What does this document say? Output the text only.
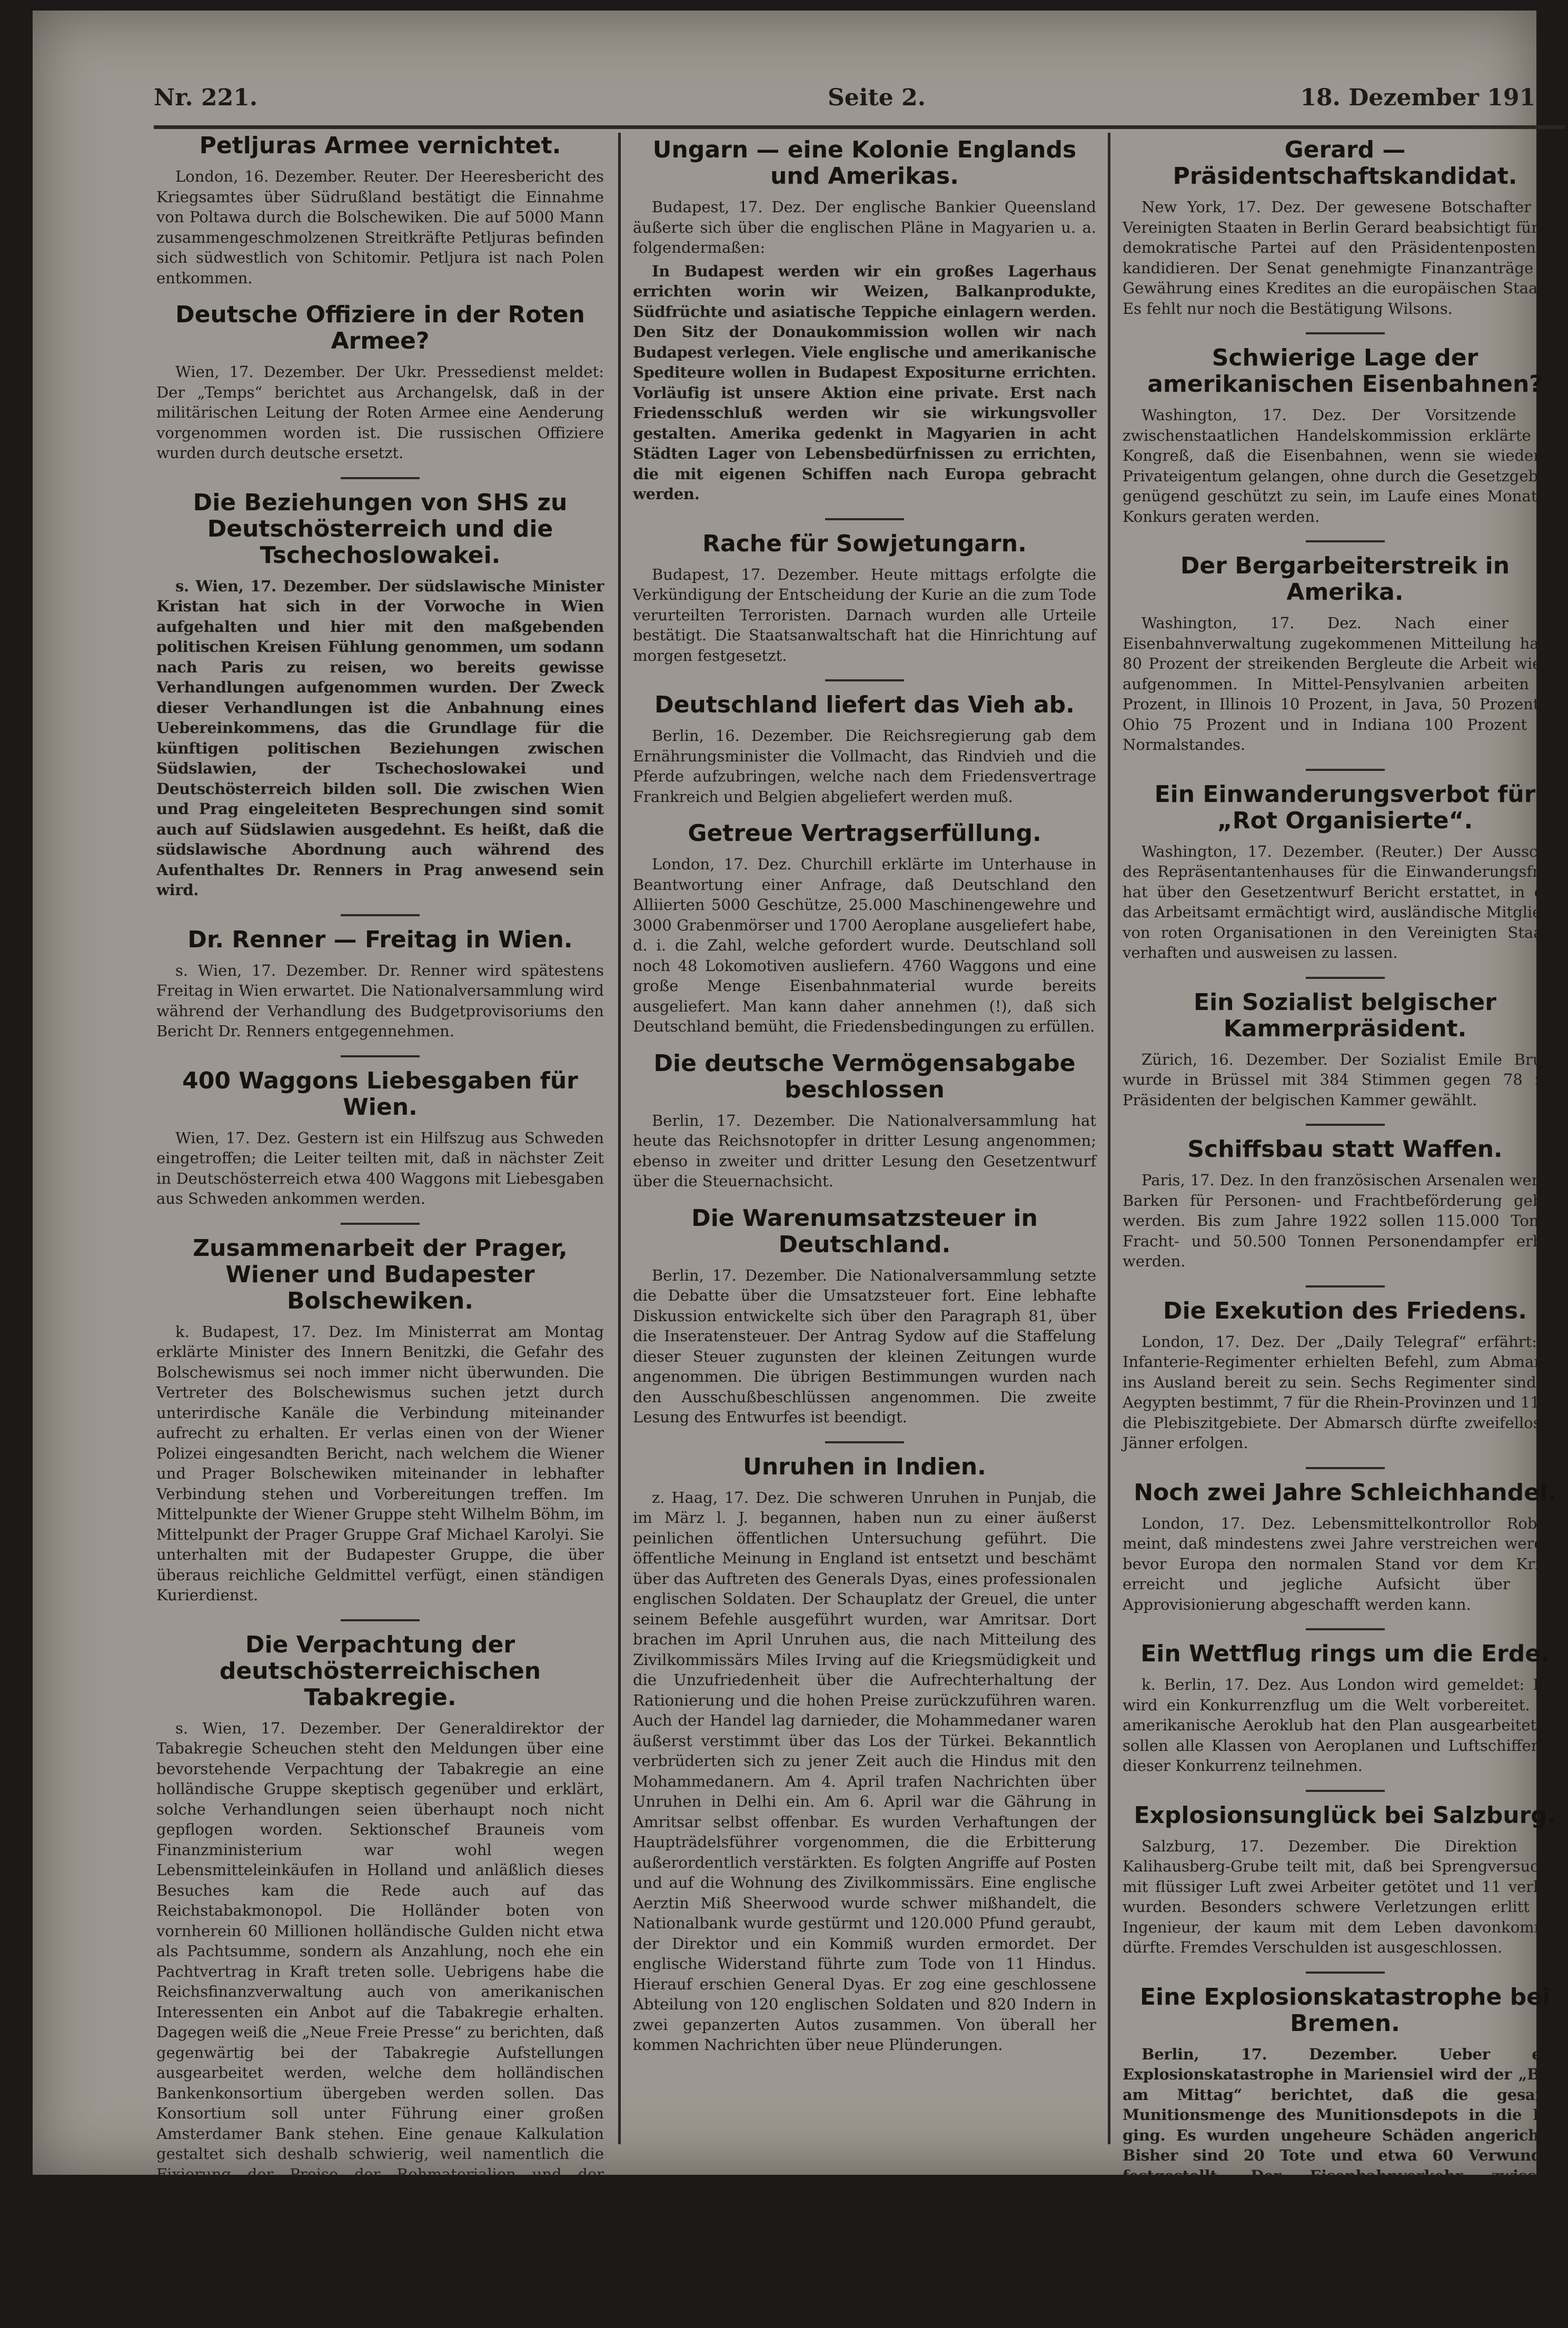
Nr. 221.	Seite 2.	18. Dezember 1919.
Petljuras Armee vernichtet.

London, 16. Dezember. Reuter. Der Heeresbericht des Kriegsamtes über Südrußland bestätigt die Einnahme von Poltawa durch die Bolschewiken. Die auf 5000 Mann zusammengeschmolzenen Streitkräfte Petljuras befinden sich südwestlich von Schitomir. Petljura ist nach Polen entkommen.

Deutsche Offiziere in der Roten Armee?

Wien, 17. Dezember. Der Ukr. Pressedienst meldet: Der „Temps“ berichtet aus Archangelsk, daß in der militärischen Leitung der Roten Armee eine Aenderung vorgenommen worden ist. Die russischen Offiziere wurden durch deutsche ersetzt.

Die Beziehungen von SHS zu Deutschösterreich und die Tschechoslowakei.

s. Wien, 17. Dezember. Der südslawische Minister Kristan hat sich in der Vorwoche in Wien aufgehalten und hier mit den maßgebenden politischen Kreisen Fühlung genommen, um sodann nach Paris zu reisen, wo bereits gewisse Verhandlungen aufgenommen wurden. Der Zweck dieser Verhandlungen ist die Anbahnung eines Uebereinkommens, das die Grundlage für die künftigen politischen Beziehungen zwischen Südslawien, der Tschechoslowakei und Deutschösterreich bilden soll. Die zwischen Wien und Prag eingeleiteten Besprechungen sind somit auch auf Südslawien ausgedehnt. Es heißt, daß die südslawische Abordnung auch während des Aufenthaltes Dr. Renners in Prag anwesend sein wird.

Dr. Renner — Freitag in Wien.

s. Wien, 17. Dezember. Dr. Renner wird spätestens Freitag in Wien erwartet. Die Nationalversammlung wird während der Verhandlung des Budgetprovisoriums den Bericht Dr. Renners entgegennehmen.

400 Waggons Liebesgaben für Wien.

Wien, 17. Dez. Gestern ist ein Hilfszug aus Schweden eingetroffen; die Leiter teilten mit, daß in nächster Zeit in Deutschösterreich etwa 400 Waggons mit Liebesgaben aus Schweden ankommen werden.

Zusammenarbeit der Prager, Wiener und Budapester Bolschewiken.

k. Budapest, 17. Dez. Im Ministerrat am Montag erklärte Minister des Innern Benitzki, die Gefahr des Bolschewismus sei noch immer nicht überwunden. Die Vertreter des Bolschewismus suchen jetzt durch unterirdische Kanäle die Verbindung miteinander aufrecht zu erhalten. Er verlas einen von der Wiener Polizei eingesandten Bericht, nach welchem die Wiener und Prager Bolschewiken miteinander in lebhafter Verbindung stehen und Vorbereitungen treffen. Im Mittelpunkte der Wiener Gruppe steht Wilhelm Böhm, im Mittelpunkt der Prager Gruppe Graf Michael Karolyi. Sie unterhalten mit der Budapester Gruppe, die über überaus reichliche Geldmittel verfügt, einen ständigen Kurierdienst.

Die Verpachtung der deutschösterreichischen Tabakregie.

s. Wien, 17. Dezember. Der Generaldirektor der Tabakregie Scheuchen steht den Meldungen über eine bevorstehende Verpachtung der Tabakregie an eine holländische Gruppe skeptisch gegenüber und erklärt, solche Verhandlungen seien überhaupt noch nicht gepflogen worden. Sektionschef Brauneis vom Finanzministerium war wohl wegen Lebensmitteleinkäufen in Holland und anläßlich dieses Besuches kam die Rede auch auf das Reichstabakmonopol. Die Holländer boten von vornherein 60 Millionen holländische Gulden nicht etwa als Pachtsumme, sondern als Anzahlung, noch ehe ein Pachtvertrag in Kraft treten solle. Uebrigens habe die Reichsfinanzverwaltung auch von amerikanischen Interessenten ein Anbot auf die Tabakregie erhalten. Dagegen weiß die „Neue Freie Presse“ zu berichten, daß gegenwärtig bei der Tabakregie Aufstellungen ausgearbeitet werden, welche dem holländischen Bankenkonsortium übergeben werden sollen. Das Konsortium soll unter Führung einer großen Amsterdamer Bank stehen. Eine genaue Kalkulation gestaltet sich deshalb schwierig, weil namentlich die Fixierung der Preise der Rohmaterialien und der Verkaufspreise infolge der Valutaschwankungen schwierig sei. Auf Grund der Beschlüsse des Obersten Rats in Paris dürfte wahrscheinlich in nächster Zeit ein Offert an das Bankenkonsortium zwecks Einleitung von Verhandlungen eingereicht werden.

Ungarn — eine Kolonie Englands und Amerikas.

Budapest, 17. Dez. Der englische Bankier Queensland äußerte sich über die englischen Pläne in Magyarien u. a. folgendermaßen:

In Budapest werden wir ein großes Lagerhaus errichten worin wir Weizen, Balkanprodukte, Südfrüchte und asiatische Teppiche einlagern werden. Den Sitz der Donaukommission wollen wir nach Budapest verlegen. Viele englische und amerikanische Spediteure wollen in Budapest Expositurne errichten. Vorläufig ist unsere Aktion eine private. Erst nach Friedensschluß werden wir sie wirkungsvoller gestalten. Amerika gedenkt in Magyarien in acht Städten Lager von Lebensbedürfnissen zu errichten, die mit eigenen Schiffen nach Europa gebracht werden.

Rache für Sowjetungarn.

Budapest, 17. Dezember. Heute mittags erfolgte die Verkündigung der Entscheidung der Kurie an die zum Tode verurteilten Terroristen. Darnach wurden alle Urteile bestätigt. Die Staatsanwaltschaft hat die Hinrichtung auf morgen festgesetzt.

Deutschland liefert das Vieh ab.

Berlin, 16. Dezember. Die Reichsregierung gab dem Ernährungsminister die Vollmacht, das Rindvieh und die Pferde aufzubringen, welche nach dem Friedensvertrage Frankreich und Belgien abgeliefert werden muß.

Getreue Vertragserfüllung.

London, 17. Dez. Churchill erklärte im Unterhause in Beantwortung einer Anfrage, daß Deutschland den Alliierten 5000 Geschütze, 25.000 Maschinengewehre und 3000 Grabenmörser und 1700 Aeroplane ausgeliefert habe, d. i. die Zahl, welche gefordert wurde. Deutschland soll noch 48 Lokomotiven ausliefern. 4760 Waggons und eine große Menge Eisenbahnmaterial wurde bereits ausgeliefert. Man kann daher annehmen (!), daß sich Deutschland bemüht, die Friedensbedingungen zu erfüllen.

Die deutsche Vermögensabgabe beschlossen

Berlin, 17. Dezember. Die Nationalversammlung hat heute das Reichsnotopfer in dritter Lesung angenommen; ebenso in zweiter und dritter Lesung den Gesetzentwurf über die Steuernachsicht.

Die Warenumsatzsteuer in Deutschland.

Berlin, 17. Dezember. Die Nationalversammlung setzte die Debatte über die Umsatzsteuer fort. Eine lebhafte Diskussion entwickelte sich über den Paragraph 81, über die Inseratensteuer. Der Antrag Sydow auf die Staffelung dieser Steuer zugunsten der kleinen Zeitungen wurde angenommen. Die übrigen Bestimmungen wurden nach den Ausschußbeschlüssen angenommen. Die zweite Lesung des Entwurfes ist beendigt.

Unruhen in Indien.

z. Haag, 17. Dez. Die schweren Unruhen in Punjab, die im März l. J. begannen, haben nun zu einer äußerst peinlichen öffentlichen Untersuchung geführt. Die öffentliche Meinung in England ist entsetzt und beschämt über das Auftreten des Generals Dyas, eines professionalen englischen Soldaten. Der Schauplatz der Greuel, die unter seinem Befehle ausgeführt wurden, war Amritsar. Dort brachen im April Unruhen aus, die nach Mitteilung des Zivilkommissärs Miles Irving auf die Kriegsmüdigkeit und die Unzufriedenheit über die Aufrechterhaltung der Rationierung und die hohen Preise zurückzuführen waren. Auch der Handel lag darnieder, die Mohammedaner waren äußerst verstimmt über das Los der Türkei. Bekanntlich verbrüderten sich zu jener Zeit auch die Hindus mit den Mohammedanern. Am 4. April trafen Nachrichten über Unruhen in Delhi ein. Am 6. April war die Gährung in Amritsar selbst offenbar. Es wurden Verhaftungen der Haupträdelsführer vorgenommen, die die Erbitterung außerordentlich verstärkten. Es folgten Angriffe auf Posten und auf die Wohnung des Zivilkommissärs. Eine englische Aerztin Miß Sheerwood wurde schwer mißhandelt, die Nationalbank wurde gestürmt und 120.000 Pfund geraubt, der Direktor und ein Kommiß wurden ermordet. Der englische Widerstand führte zum Tode von 11 Hindus. Hierauf erschien General Dyas. Er zog eine geschlossene Abteilung von 120 englischen Soldaten und 820 Indern in zwei gepanzerten Autos zusammen. Von überall her kommen Nachrichten über neue Plünderungen.

Gerard — Präsidentschaftskandidat.

New York, 17. Dez. Der gewesene Botschafter der Vereinigten Staaten in Berlin Gerard beabsichtigt für die demokratische Partei auf den Präsidentenposten zu kandidieren. Der Senat genehmigte Finanzanträge zur Gewährung eines Kredites an die europäischen Staaten. Es fehlt nur noch die Bestätigung Wilsons.

Schwierige Lage der amerikanischen Eisenbahnen?

Washington, 17. Dez. Der Vorsitzende der zwischenstaatlichen Handelskommission erklärte im Kongreß, daß die Eisenbahnen, wenn sie wieder in Privateigentum gelangen, ohne durch die Gesetzgebung genügend geschützt zu sein, im Laufe eines Monats in Konkurs geraten werden.

Der Bergarbeiterstreik in Amerika.

Washington, 17. Dez. Nach einer der Eisenbahnverwaltung zugekommenen Mitteilung haben 80 Prozent der streikenden Bergleute die Arbeit wieder aufgenommen. In Mittel-Pensylvanien arbeiten 40 Prozent, in Illinois 10 Prozent, in Java, 50 Prozent, in Ohio 75 Prozent und in Indiana 100 Prozent des Normalstandes.

Ein Einwanderungsverbot für „Rot Organisierte“.

Washington, 17. Dezember. (Reuter.) Der Ausschuß des Repräsentantenhauses für die Einwanderungsfrage hat über den Gesetzentwurf Bericht erstattet, in dem das Arbeitsamt ermächtigt wird, ausländische Mitglieder von roten Organisationen in den Vereinigten Staaten verhaften und ausweisen zu lassen.

Ein Sozialist belgischer Kammerpräsident.

Zürich, 16. Dezember. Der Sozialist Emile Brunet wurde in Brüssel mit 384 Stimmen gegen 78 zum Präsidenten der belgischen Kammer gewählt.

Schiffsbau statt Waffen.

Paris, 17. Dez. In den französischen Arsenalen werden Barken für Personen- und Frachtbeförderung gebaut werden. Bis zum Jahre 1922 sollen 115.000 Tonnen Fracht- und 50.500 Tonnen Personendampfer erbaut werden.

Die Exekution des Friedens.

London, 17. Dez. Der „Daily Telegraf“ erfährt: 28 Infanterie-Regimenter erhielten Befehl, zum Abmarsch ins Ausland bereit zu sein. Sechs Regimenter sind für Aegypten bestimmt, 7 für die Rhein-Provinzen und 11 für die Plebiszitgebiete. Der Abmarsch dürfte zweifellos im Jänner erfolgen.

Noch zwei Jahre Schleichhandel.

London, 17. Dez. Lebensmittelkontrollor Roberts meint, daß mindestens zwei Jahre verstreichen werden, bevor Europa den normalen Stand vor dem Kriege erreicht und jegliche Aufsicht über die Approvisionierung abgeschafft werden kann.

Ein Wettflug rings um die Erde.

k. Berlin, 17. Dez. Aus London wird gemeldet: Hier wird ein Konkurrenzflug um die Welt vorbereitet. Der amerikanische Aeroklub hat den Plan ausgearbeitet. Es sollen alle Klassen von Aeroplanen und Luftschiffen an dieser Konkurrenz teilnehmen.

Explosionsunglück bei Salzburg.

Salzburg, 17. Dezember. Die Direktion der Kalihausberg-Grube teilt mit, daß bei Sprengversuchen mit flüssiger Luft zwei Arbeiter getötet und 11 verletzt wurden. Besonders schwere Verletzungen erlitt ein Ingenieur, der kaum mit dem Leben davonkommen dürfte. Fremdes Verschulden ist ausgeschlossen.

Eine Explosionskatastrophe bei Bremen.

Berlin, 17. Dezember. Ueber eine Explosionskatastrophe in Mariensiel wird der „B. Z. am Mittag“ berichtet, daß die gesamte Munitionsmenge des Munitionsdepots in die Luft ging. Es wurden ungeheure Schäden angerichtet. Bisher sind 20 Tote und etwa 60 Verwundete festgestellt. Der Eisenbahnverkehr zwischen Bremerhaven und der nahe gelegenen Ortschaft Sande mußte eingestellt werden. Alle Telegraphen- und Fernsprechleitungen in der Umgebung wurden größtenteils zerstört. In Mariensiel selbst ist kein Haus unbeschädigt geblieben. Die Brücke über den Ems-Jadekanal ist infolge der Beschädigung nicht mehr benützbar.
